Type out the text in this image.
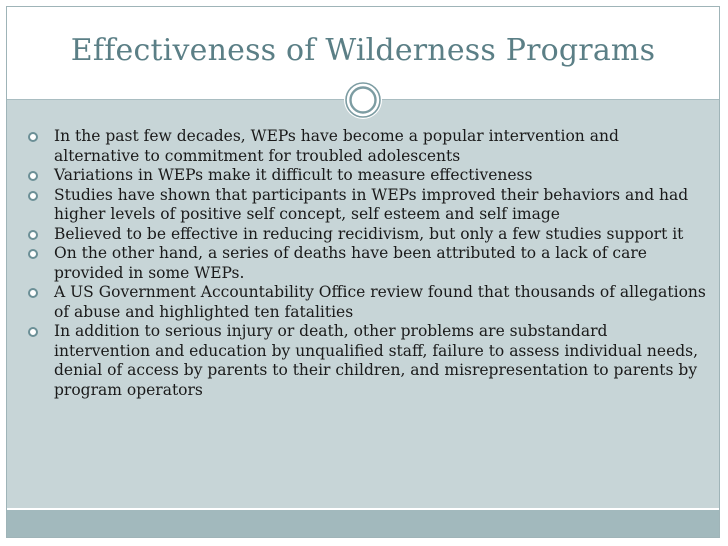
Effectiveness of Wilderness Programs
In the past few decades, WEPs have become a popular intervention and alternative to commitment for troubled adolescents
Variations in WEPs make it difficult to measure effectiveness
Studies have shown that participants in WEPs improved their behaviors and had higher levels of positive self concept, self esteem and self image
Believed to be effective in reducing recidivism, but only a few studies support it
On the other hand, a series of deaths have been attributed to a lack of care provided in some WEPs.
A US Government Accountability Office review found that thousands of allegations of abuse and highlighted ten fatalities
In addition to serious injury or death, other problems are substandard intervention and education by unqualified staff, failure to assess individual needs, denial of access by parents to their children, and misrepresentation to parents by program operators
